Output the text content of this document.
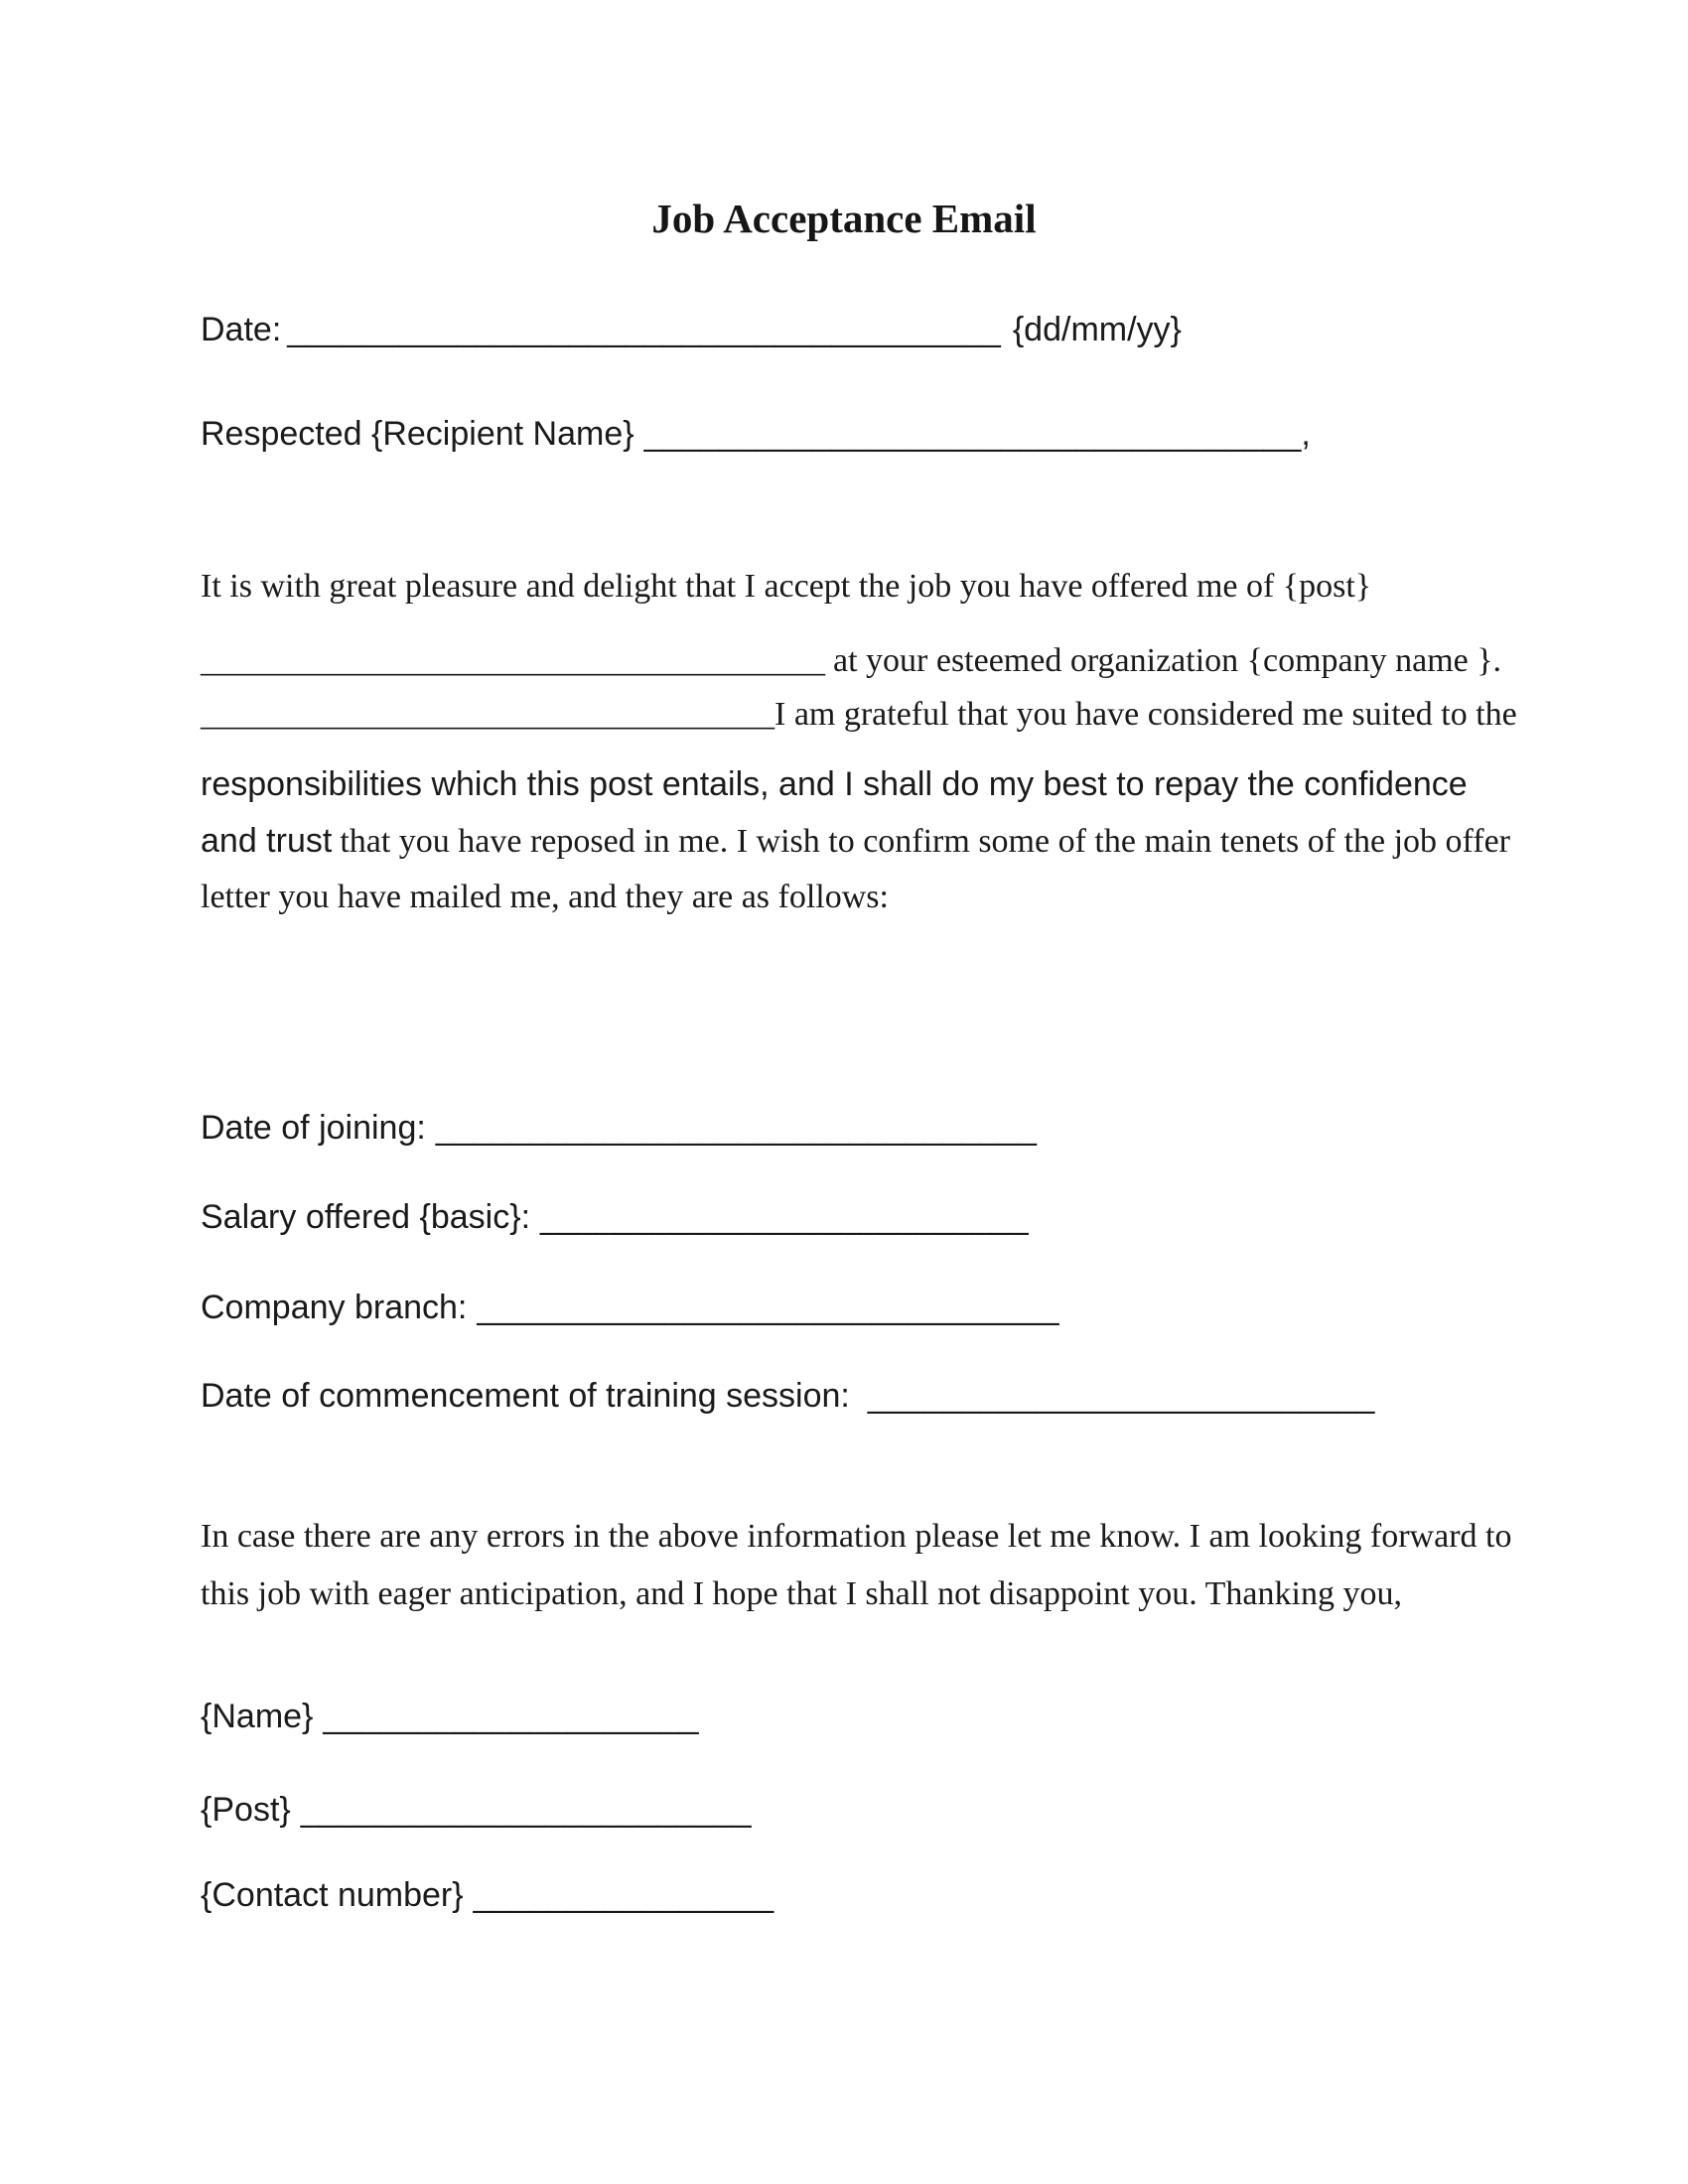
Job Acceptance Email
Date: ______________________________________ {dd/mm/yy}
Respected {Recipient Name} ___________________________________,
It is with great pleasure and delight that I accept the job you have offered me of {post}
_____________________________________ at your esteemed organization {company name }.
__________________________________I am grateful that you have considered me suited to the
responsibilities which this post entails, and I shall do my best to repay the confidence
and trust that you have reposed in me. I wish to confirm some of the main tenets of the job offer
letter you have mailed me, and they are as follows:
Date of joining: ________________________________
Salary offered {basic}: __________________________
Company branch: _______________________________
Date of commencement of training session: ___________________________
In case there are any errors in the above information please let me know. I am looking forward to
this job with eager anticipation, and I hope that I shall not disappoint you. Thanking you,
{Name} ____________________
{Post} ________________________
{Contact number} ________________
